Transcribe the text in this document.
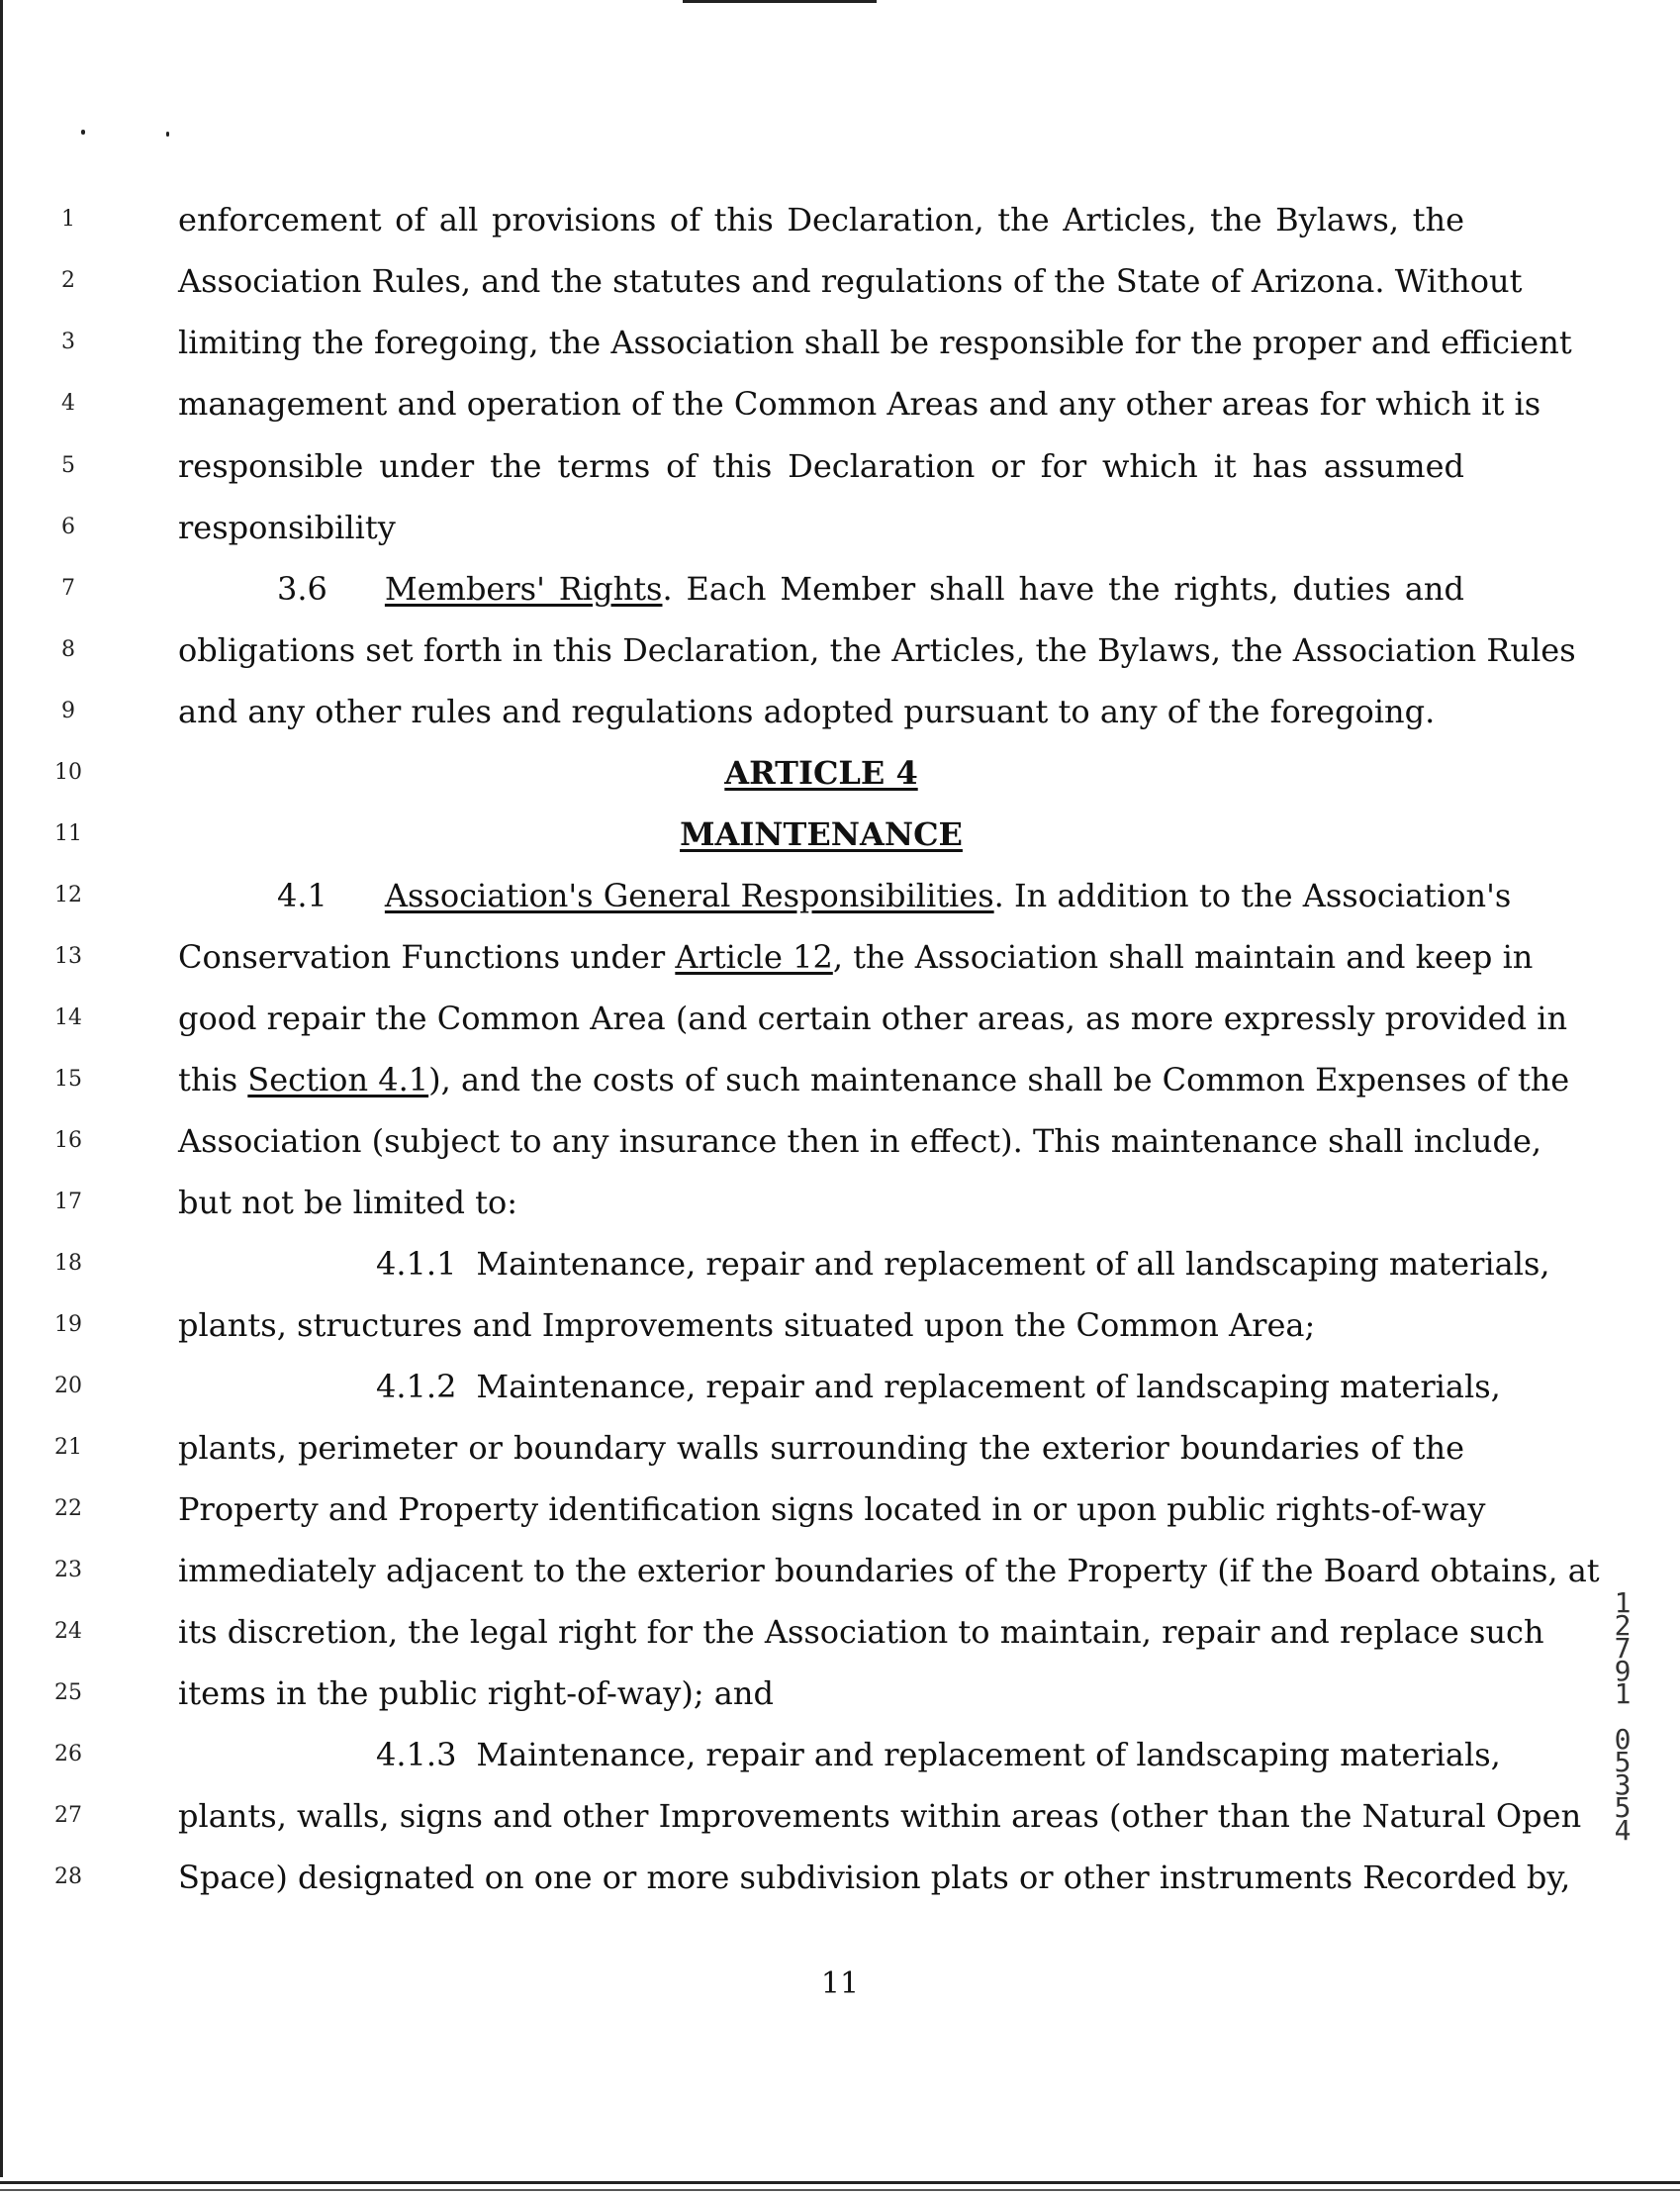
1
2
3
4
5
6
7
8
9
10
11
12
13
14
15
16
17
18
19
20
21
22
23
24
25
26
27
28
enforcement of all provisions of this Declaration, the Articles, the Bylaws, the
Association Rules, and the statutes and regulations of the State of Arizona. Without
limiting the foregoing, the Association shall be responsible for the proper and efficient
management and operation of the Common Areas and any other areas for which it is
responsible under the terms of this Declaration or for which it has assumed
responsibility
3.6 Members' Rights. Each Member shall have the rights, duties and
obligations set forth in this Declaration, the Articles, the Bylaws, the Association Rules
and any other rules and regulations adopted pursuant to any of the foregoing.
ARTICLE 4
MAINTENANCE
4.1 Association's General Responsibilities. In addition to the Association's
Conservation Functions under Article 12, the Association shall maintain and keep in
good repair the Common Area (and certain other areas, as more expressly provided in
this Section 4.1), and the costs of such maintenance shall be Common Expenses of the
Association (subject to any insurance then in effect). This maintenance shall include,
but not be limited to:
4.1.1 Maintenance, repair and replacement of all landscaping materials,
plants, structures and Improvements situated upon the Common Area;
4.1.2 Maintenance, repair and replacement of landscaping materials,
plants, perimeter or boundary walls surrounding the exterior boundaries of the
Property and Property identification signs located in or upon public rights-of-way
immediately adjacent to the exterior boundaries of the Property (if the Board obtains, at
its discretion, the legal right for the Association to maintain, repair and replace such
items in the public right-of-way); and
4.1.3 Maintenance, repair and replacement of landscaping materials,
plants, walls, signs and other Improvements within areas (other than the Natural Open
Space) designated on one or more subdivision plats or other instruments Recorded by,
11
1
2
7
9
1

0
5
3
5
4
